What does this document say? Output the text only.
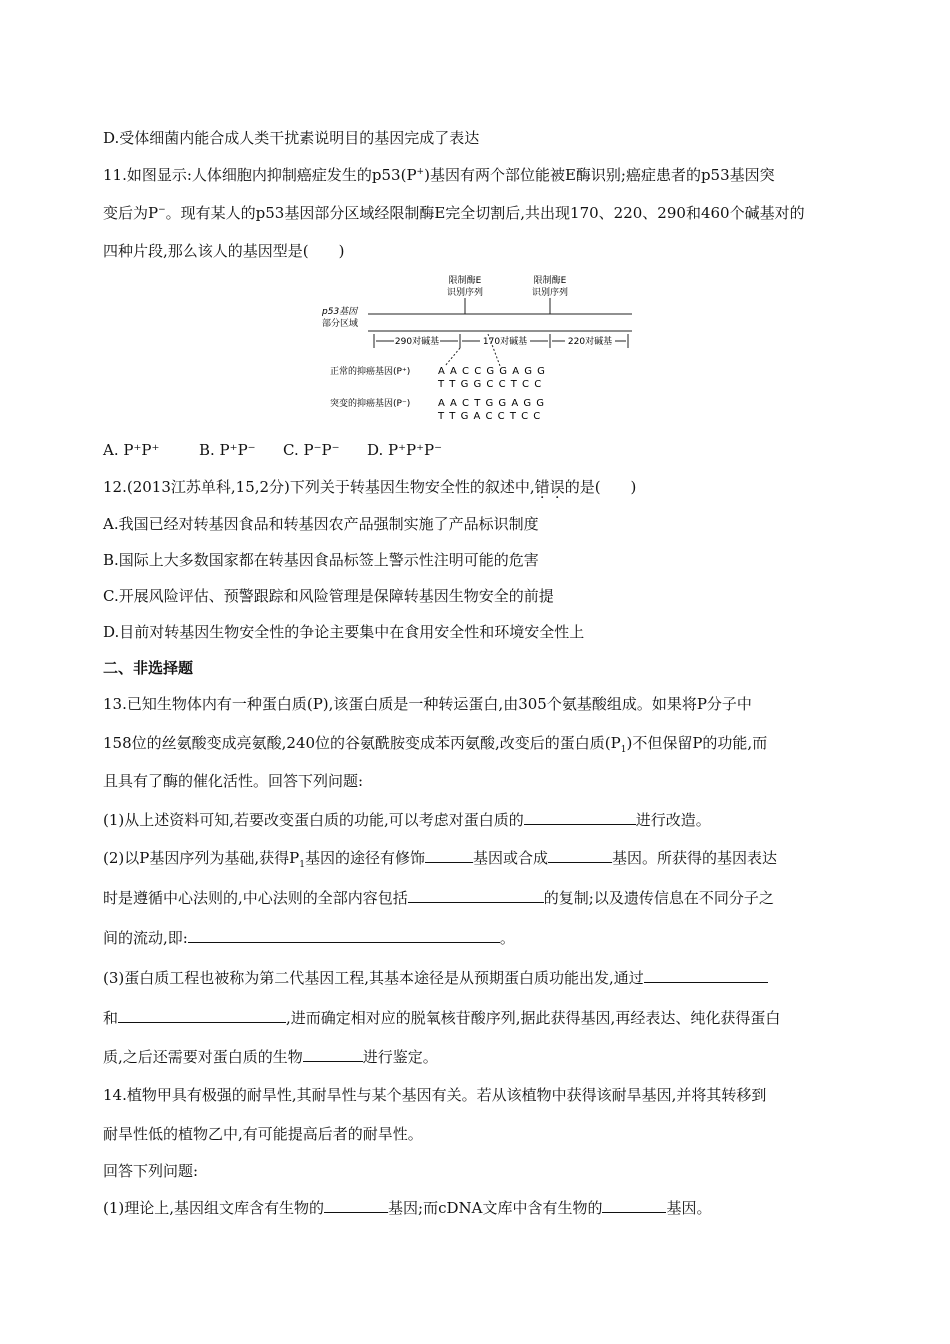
D.受体细菌内能合成人类干扰素说明目的基因完成了表达
11.如图显示:人体细胞内抑制癌症发生的p53(P+)基因有两个部位能被E酶识别;癌症患者的p53基因突
变后为P−。现有某人的p53基因部分区域经限制酶E完全切割后,共出现170、220、290和460个碱基对的
四种片段,那么该人的基因型是(　　)
限制酶E
识别序列
限制酶E
识别序列
p53基因
部分区域
290对碱基	170对碱基	220对碱基
正常的抑癌基因(P⁺)	A A C C G G A G G
T T G G C C T C C
突变的抑癌基因(P⁻)	A A C T G G A G G
T T G A C C T C C
A. P⁺P⁺	B. P⁺P⁻ C. P⁻P⁻ D. P⁺P⁺P⁻
12.(2013江苏单科,15,2分)下列关于转基因生物安全性的叙述中,错误的是(　　)
A.我国已经对转基因食品和转基因农产品强制实施了产品标识制度
B.国际上大多数国家都在转基因食品标签上警示性注明可能的危害
C.开展风险评估、预警跟踪和风险管理是保障转基因生物安全的前提
D.目前对转基因生物安全性的争论主要集中在食用安全性和环境安全性上
二、非选择题
13.已知生物体内有一种蛋白质(P),该蛋白质是一种转运蛋白,由305个氨基酸组成。如果将P分子中
158位的丝氨酸变成亮氨酸,240位的谷氨酰胺变成苯丙氨酸,改变后的蛋白质$(P_1)$不但保留P的功能,而
且具有了酶的催化活性。回答下列问题:
(1)从上述资料可知,若要改变蛋白质的功能,可以考虑对蛋白质的	进行改造。
(2)以P基因序列为基础,获得$P_1$基因的途径有修饰	基因或合成	基因。所获得的基因表达
时是遵循中心法则的,中心法则的全部内容包括	的复制;以及遗传信息在不同分子之
间的流动,即:	。
(3)蛋白质工程也被称为第二代基因工程,其基本途径是从预期蛋白质功能出发,通过
和	,进而确定相对应的脱氧核苷酸序列,据此获得基因,再经表达、纯化获得蛋白
质,之后还需要对蛋白质的生物	进行鉴定。
14.植物甲具有极强的耐旱性,其耐旱性与某个基因有关。若从该植物中获得该耐旱基因,并将其转移到
耐旱性低的植物乙中,有可能提高后者的耐旱性。
回答下列问题:
(1)理论上,基因组文库含有生物的	基因;而cDNA文库中含有生物的	基因。
